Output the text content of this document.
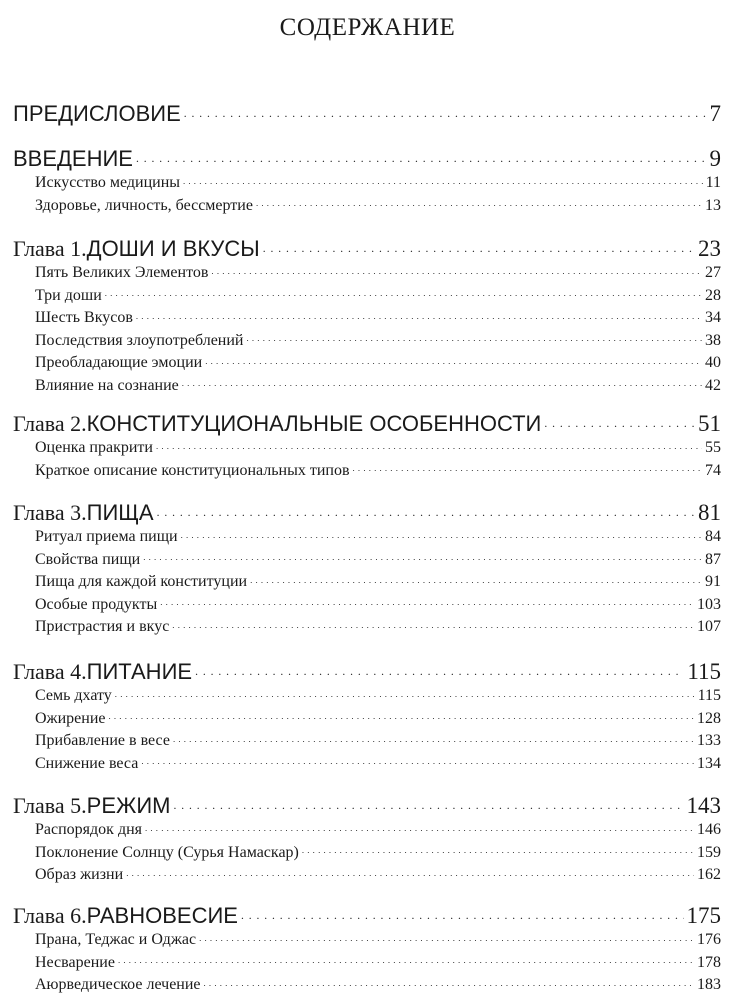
СОДЕРЖАНИЕ
ПРЕДИСЛОВИЕ . . .	7
ВВЕДЕНИЕ . . .	9
Искусство медицины . . .	11
Здоровье, личность, бессмертие . . .	13
Глава 1. ДОШИ И ВКУСЫ . . .	23
Пять Великих Элементов . . .	27
Три доши . . .	28
Шесть Вкусов . . .	34
Последствия злоупотреблений . . .	38
Преобладающие эмоции . . .	40
Влияние на сознание . . .	42
Глава 2. КОНСТИТУЦИОНАЛЬНЫЕ ОСОБЕННОСТИ . . .	51
Оценка пракрити . . .	55
Краткое описание конституциональных типов . . .	74
Глава 3. ПИЩА . . .	81
Ритуал приема пищи . . .	84
Свойства пищи . . .	87
Пища для каждой конституции . . .	91
Особые продукты . . .	103
Пристрастия и вкус . . .	107
Глава 4. ПИТАНИЕ . . .	115
Семь дхату . . .	115
Ожирение . . .	128
Прибавление в весе . . .	133
Снижение веса . . .	134
Глава 5. РЕЖИМ . . .	143
Распорядок дня . . .	146
Поклонение Солнцу (Сурья Намаскар) . . .	159
Образ жизни . . .	162
Глава 6. РАВНОВЕСИЕ . . .	175
Прана, Теджас и Оджас . . .	176
Несварение . . .	178
Аюрведическое лечение . . .	183
